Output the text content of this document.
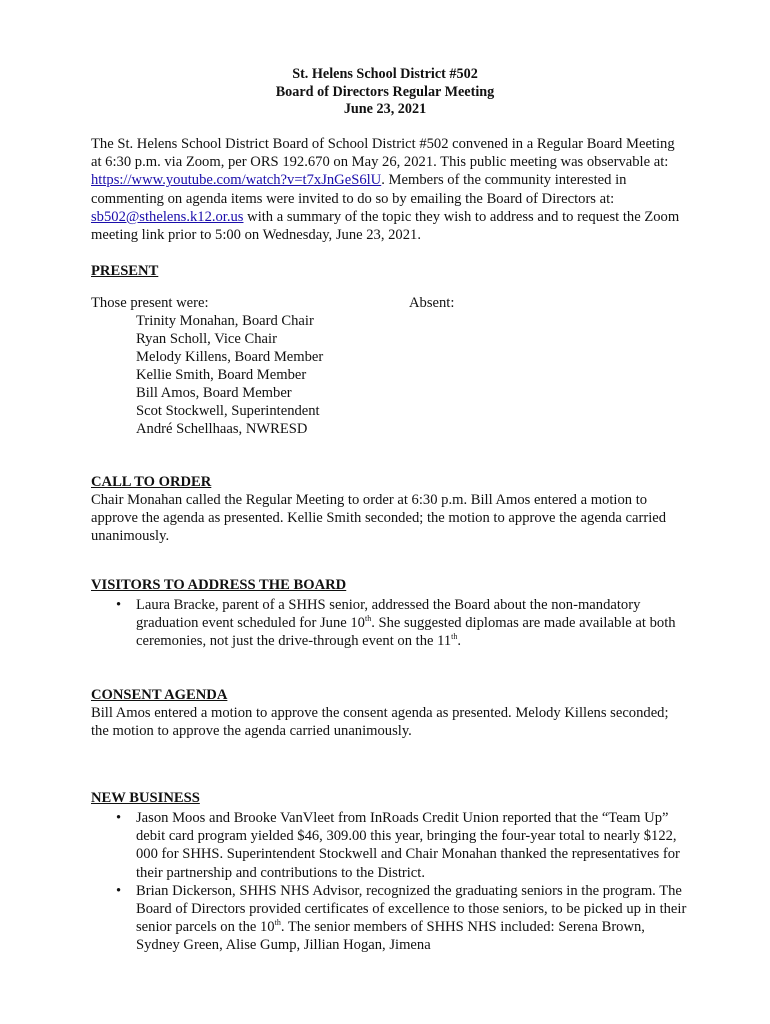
St. Helens School District #502
Board of Directors Regular Meeting
June 23, 2021

The St. Helens School District Board of School District #502 convened in a Regular Board Meeting at 6:30 p.m. via Zoom, per ORS 192.670 on May 26, 2021. This public meeting was observable at: https://www.youtube.com/watch?v=t7xJnGeS6lU. Members of the community interested in commenting on agenda items were invited to do so by emailing the Board of Directors at: sb502@sthelens.k12.or.us with a summary of the topic they wish to address and to request the Zoom meeting link prior to 5:00 on Wednesday, June 23, 2021.

PRESENT
Those present were:	Absent:
Trinity Monahan, Board Chair
Ryan Scholl, Vice Chair
Melody Killens, Board Member
Kellie Smith, Board Member
Bill Amos, Board Member
Scot Stockwell, Superintendent
André Schellhaas, NWRESD
CALL TO ORDER

Chair Monahan called the Regular Meeting to order at 6:30 p.m. Bill Amos entered a motion to approve the agenda as presented. Kellie Smith seconded; the motion to approve the agenda carried unanimously.

VISITORS TO ADDRESS THE BOARD
• Laura Bracke, parent of a SHHS senior, addressed the Board about the non-mandatory graduation event scheduled for June 10th. She suggested diplomas are made available at both ceremonies, not just the drive-through event on the 11th.
CONSENT AGENDA

Bill Amos entered a motion to approve the consent agenda as presented. Melody Killens seconded; the motion to approve the agenda carried unanimously.

NEW BUSINESS
• Jason Moos and Brooke VanVleet from InRoads Credit Union reported that the “Team Up” debit card program yielded $46, 309.00 this year, bringing the four-year total to nearly $122, 000 for SHHS. Superintendent Stockwell and Chair Monahan thanked the representatives for their partnership and contributions to the District.
• Brian Dickerson, SHHS NHS Advisor, recognized the graduating seniors in the program. The Board of Directors provided certificates of excellence to those seniors, to be picked up in their senior parcels on the 10th. The senior members of SHHS NHS included: Serena Brown, Sydney Green, Alise Gump, Jillian Hogan, Jimena
